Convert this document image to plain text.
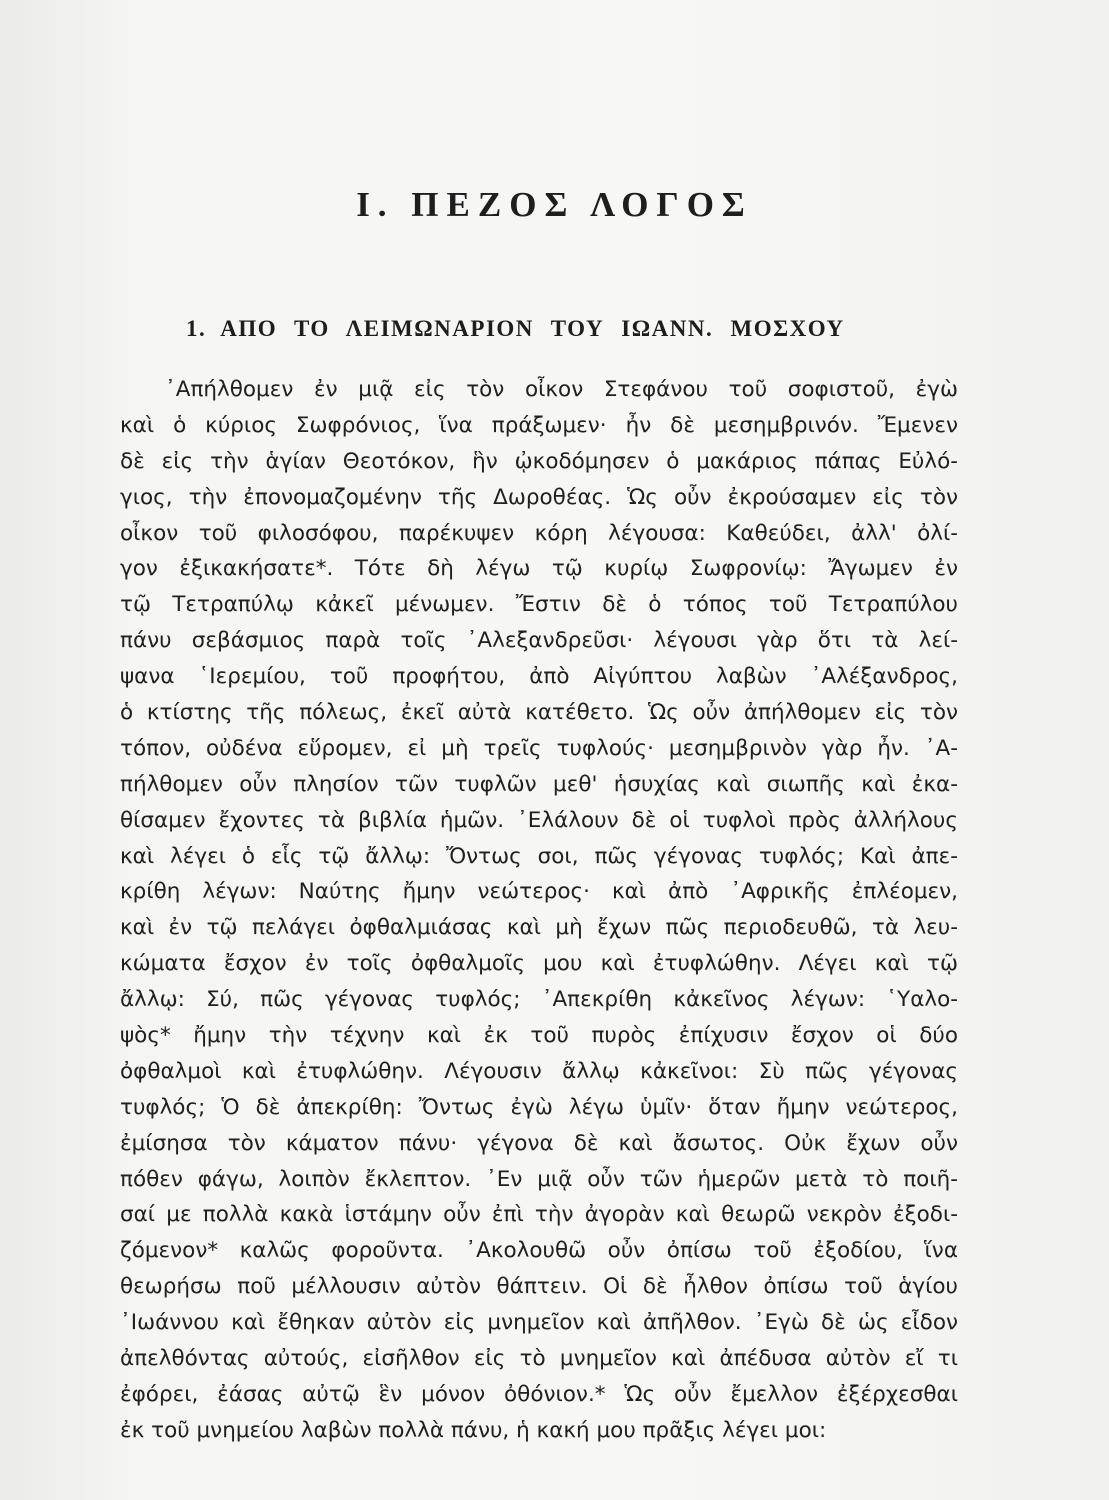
I. ΠΕΖΟΣ ΛΟΓΟΣ
1. ΑΠΟ ΤΟ ΛΕΙΜΩΝΑΡΙΟΝ ΤΟΥ ΙΩΑΝΝ. ΜΟΣΧΟΥ
᾿Απήλθομεν ἐν μιᾷ εἰς τὸν οἶκον Στεφάνου τοῦ σοφιστοῦ, ἐγὼ
καὶ ὁ κύριος Σωφρόνιος, ἵνα πράξωμεν· ἦν δὲ μεσημβρινόν. Ἔμενεν
δὲ εἰς τὴν ἁγίαν Θεοτόκον, ἣν ᾠκοδόμησεν ὁ μακάριος πάπας Εὐλό-
γιος, τὴν ἐπονομαζομένην τῆς Δωροθέας. Ὡς οὖν ἐκρούσαμεν εἰς τὸν
οἶκον τοῦ φιλοσόφου, παρέκυψεν κόρη λέγουσα: Καθεύδει, ἀλλ' ὀλί-
γον ἐξικακήσατε*. Τότε δὴ λέγω τῷ κυρίῳ Σωφρονίῳ: Ἄγωμεν ἐν
τῷ Τετραπύλῳ κἀκεῖ μένωμεν. Ἔστιν δὲ ὁ τόπος τοῦ Τετραπύλου
πάνυ σεβάσμιος παρὰ τοῖς ᾿Αλεξανδρεῦσι· λέγουσι γὰρ ὅτι τὰ λεί-
ψανα ῾Ιερεμίου, τοῦ προφήτου, ἀπὸ Αἰγύπτου λαβὼν ᾿Αλέξανδρος,
ὁ κτίστης τῆς πόλεως, ἐκεῖ αὐτὰ κατέθετο. Ὡς οὖν ἀπήλθομεν εἰς τὸν
τόπον, οὐδένα εὕρομεν, εἰ μὴ τρεῖς τυφλούς· μεσημβρινὸν γὰρ ἦν. ᾿Α-
πήλθομεν οὖν πλησίον τῶν τυφλῶν μεθ' ἡσυχίας καὶ σιωπῆς καὶ ἐκα-
θίσαμεν ἔχοντες τὰ βιβλία ἡμῶν. ᾿Ελάλουν δὲ οἱ τυφλοὶ πρὸς ἀλλήλους
καὶ λέγει ὁ εἷς τῷ ἄλλῳ: Ὄντως σοι, πῶς γέγονας τυφλός; Καὶ ἀπε-
κρίθη λέγων: Ναύτης ἤμην νεώτερος· καὶ ἀπὸ ᾿Αφρικῆς ἐπλέομεν,
καὶ ἐν τῷ πελάγει ὀφθαλμιάσας καὶ μὴ ἔχων πῶς περιοδευθῶ, τὰ λευ-
κώματα ἔσχον ἐν τοῖς ὀφθαλμοῖς μου καὶ ἐτυφλώθην. Λέγει καὶ τῷ
ἄλλῳ: Σύ, πῶς γέγονας τυφλός; ᾿Απεκρίθη κἀκεῖνος λέγων: ῾Υαλο-
ψὸς* ἤμην τὴν τέχνην καὶ ἐκ τοῦ πυρὸς ἐπίχυσιν ἔσχον οἱ δύο
ὀφθαλμοὶ καὶ ἐτυφλώθην. Λέγουσιν ἄλλῳ κἀκεῖνοι: Σὺ πῶς γέγονας
τυφλός; Ὁ δὲ ἀπεκρίθη: Ὄντως ἐγὼ λέγω ὑμῖν· ὅταν ἤμην νεώτερος,
ἐμίσησα τὸν κάματον πάνυ· γέγονα δὲ καὶ ἄσωτος. Οὐκ ἔχων οὖν
πόθεν φάγω, λοιπὸν ἔκλεπτον. ᾿Εν μιᾷ οὖν τῶν ἡμερῶν μετὰ τὸ ποιῆ-
σαί με πολλὰ κακὰ ἱστάμην οὖν ἐπὶ τὴν ἀγορὰν καὶ θεωρῶ νεκρὸν ἐξοδι-
ζόμενον* καλῶς φοροῦντα. ᾿Ακολουθῶ οὖν ὀπίσω τοῦ ἐξοδίου, ἵνα
θεωρήσω ποῦ μέλλουσιν αὐτὸν θάπτειν. Οἱ δὲ ἦλθον ὀπίσω τοῦ ἁγίου
᾿Ιωάννου καὶ ἔθηκαν αὐτὸν εἰς μνημεῖον καὶ ἀπῆλθον. ᾿Εγὼ δὲ ὡς εἶδον
ἀπελθόντας αὐτούς, εἰσῆλθον εἰς τὸ μνημεῖον καὶ ἀπέδυσα αὐτὸν εἴ τι
ἐφόρει, ἐάσας αὐτῷ ἓν μόνον ὀθόνιον.* Ὡς οὖν ἔμελλον ἐξέρχεσθαι
ἐκ τοῦ μνημείου λαβὼν πολλὰ πάνυ, ἡ κακή μου πρᾶξις λέγει μοι:
